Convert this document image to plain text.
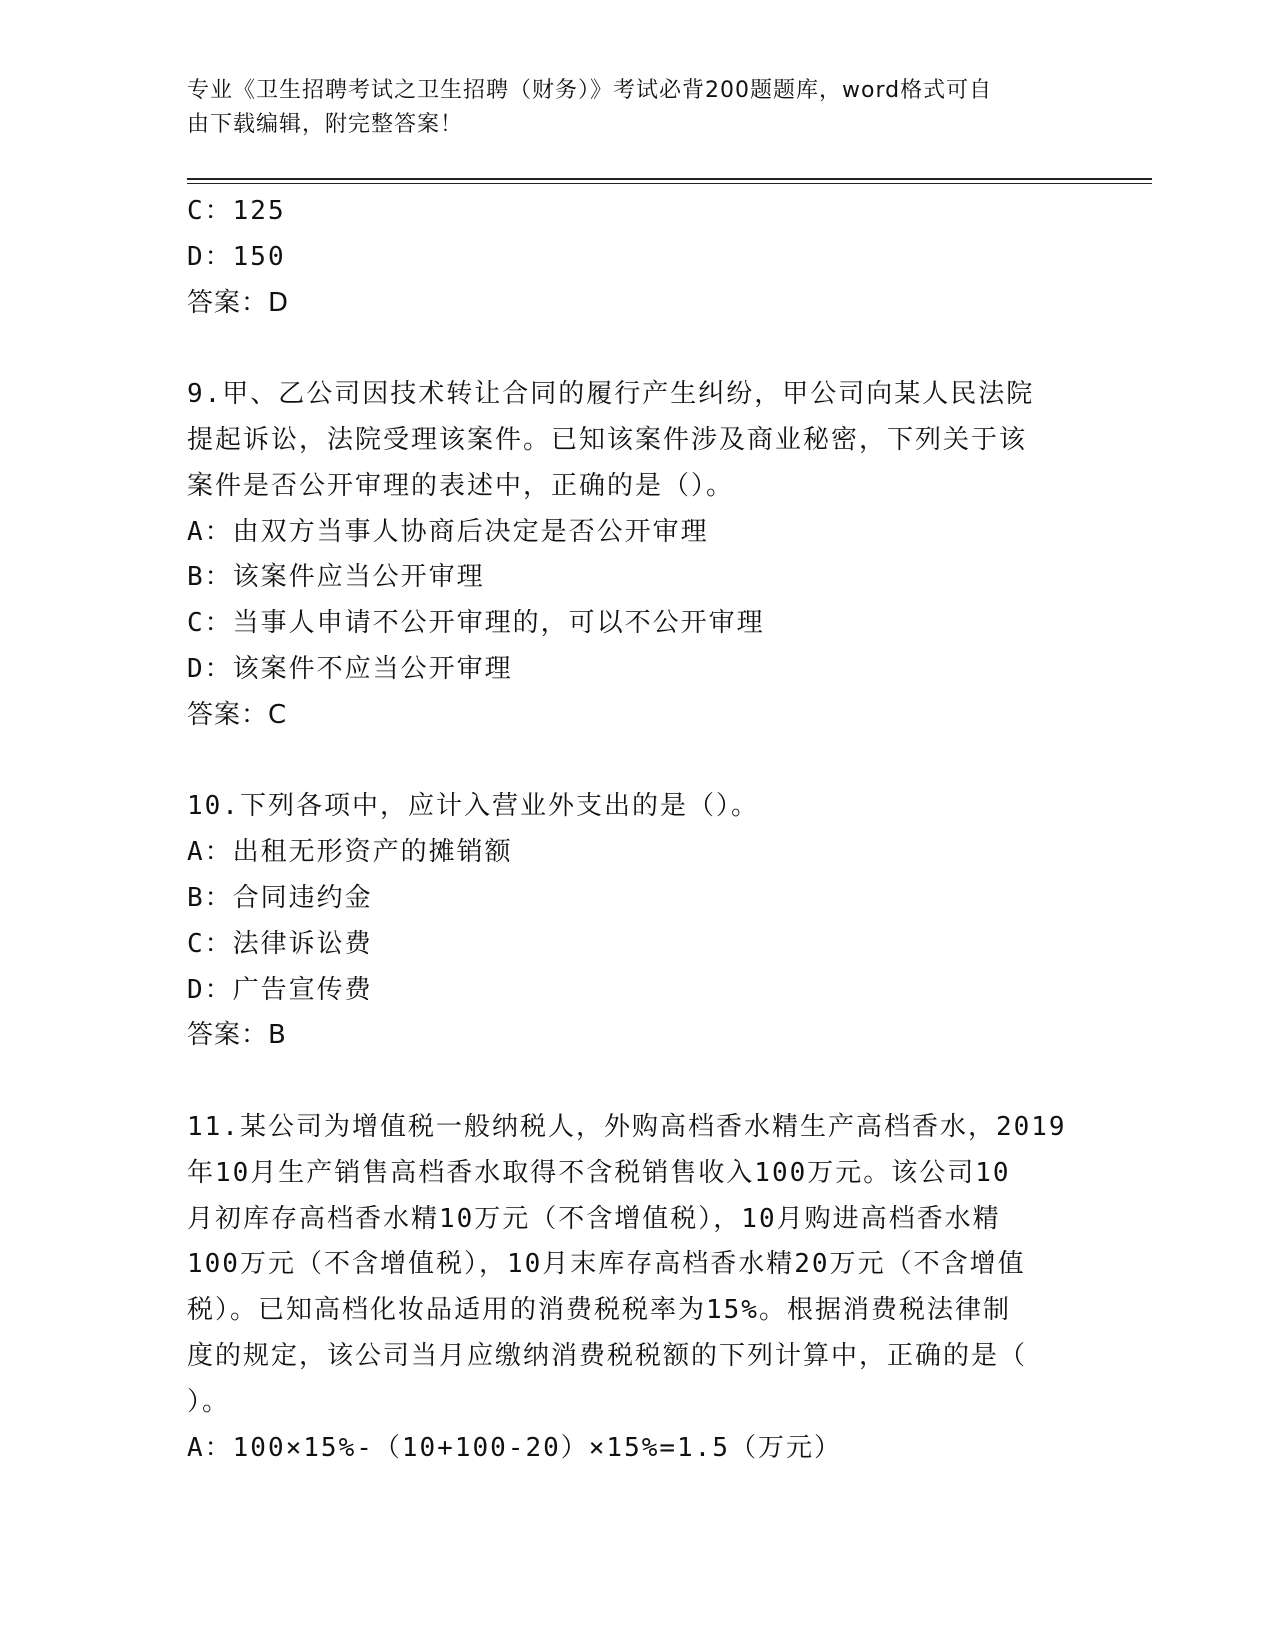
专业《卫生招聘考试之卫生招聘（财务）》考试必背200题题库，word格式可自
由下载编辑，附完整答案！
C：125
D：150
答案：D
9.甲、乙公司因技术转让合同的履行产生纠纷，甲公司向某人民法院
提起诉讼，法院受理该案件。已知该案件涉及商业秘密，下列关于该
案件是否公开审理的表述中，正确的是（）。
A：由双方当事人协商后决定是否公开审理
B：该案件应当公开审理
C：当事人申请不公开审理的，可以不公开审理
D：该案件不应当公开审理
答案：C
10.下列各项中，应计入营业外支出的是（）。
A：出租无形资产的摊销额
B：合同违约金
C：法律诉讼费
D：广告宣传费
答案：B
11.某公司为增值税一般纳税人，外购高档香水精生产高档香水，2019
年10月生产销售高档香水取得不含税销售收入100万元。该公司10
月初库存高档香水精10万元（不含增值税），10月购进高档香水精
100万元（不含增值税），10月末库存高档香水精20万元（不含增值
税）。已知高档化妆品适用的消费税税率为15%。根据消费税法律制
度的规定，该公司当月应缴纳消费税税额的下列计算中，正确的是（
）。
A：100×15%-（10+100-20）×15%=1.5（万元）
